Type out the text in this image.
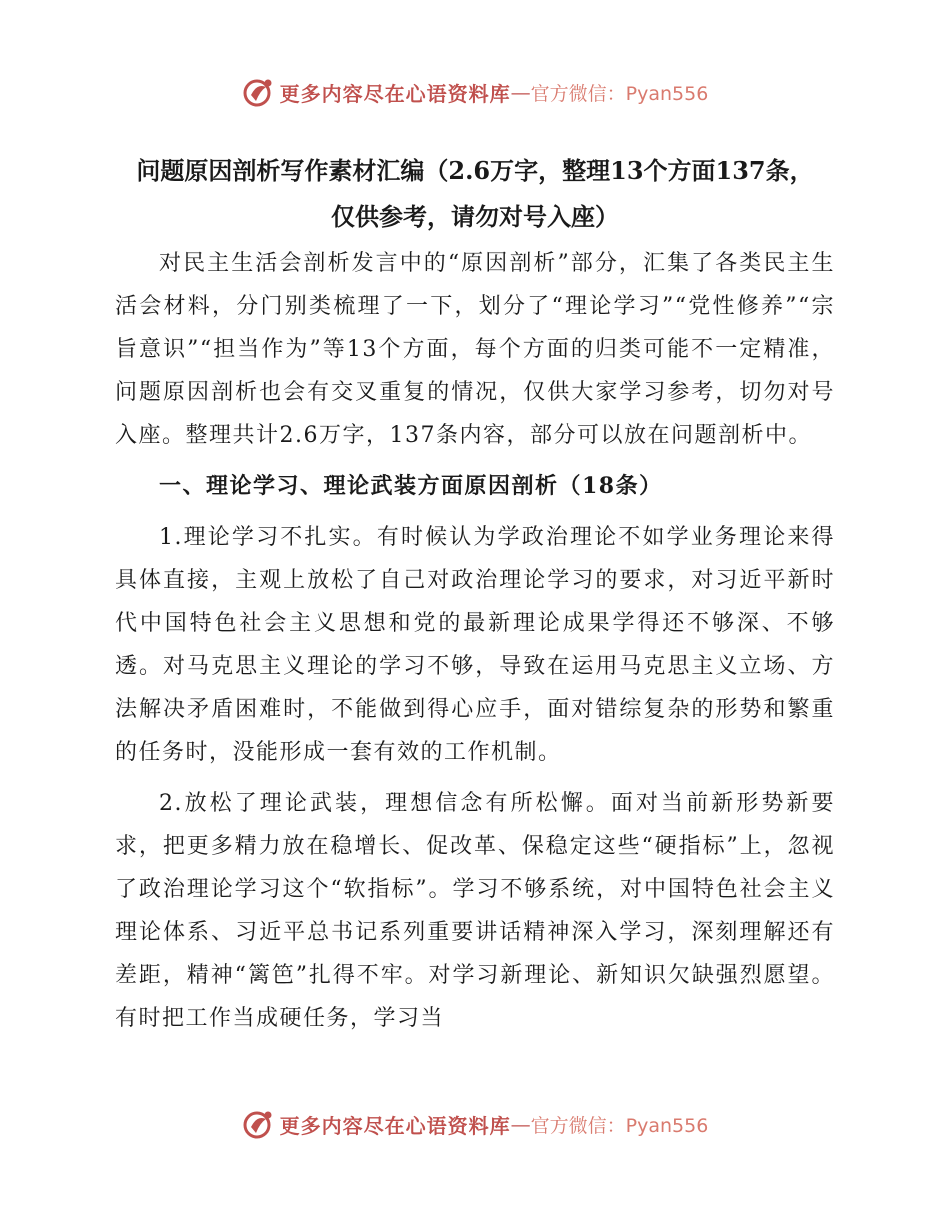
更多内容尽在心语资料库 — 官方微信：Pyan556
问题原因剖析写作素材汇编（2.6万字，整理13个方面137条，
仅供参考，请勿对号入座）

对民主生活会剖析发言中的“原因剖析”部分，汇集了各类民主生活会材料，分门别类梳理了一下，划分了“理论学习”“党性修养”“宗旨意识”“担当作为”等13个方面，每个方面的归类可能不一定精准，问题原因剖析也会有交叉重复的情况，仅供大家学习参考，切勿对号入座。整理共计2.6万字，137条内容，部分可以放在问题剖析中。

一、理论学习、理论武装方面原因剖析（18条）

1.理论学习不扎实。有时候认为学政治理论不如学业务理论来得具体直接，主观上放松了自己对政治理论学习的要求，对习近平新时代中国特色社会主义思想和党的最新理论成果学得还不够深、不够透。对马克思主义理论的学习不够，导致在运用马克思主义立场、方法解决矛盾困难时，不能做到得心应手，面对错综复杂的形势和繁重的任务时，没能形成一套有效的工作机制。

2.放松了理论武装，理想信念有所松懈。面对当前新形势新要求，把更多精力放在稳增长、促改革、保稳定这些“硬指标”上，忽视了政治理论学习这个“软指标”。学习不够系统，对中国特色社会主义理论体系、习近平总书记系列重要讲话精神深入学习，深刻理解还有差距，精神“篱笆”扎得不牢。对学习新理论、新知识欠缺强烈愿望。有时把工作当成硬任务，学习当

更多内容尽在心语资料库 — 官方微信：Pyan556
